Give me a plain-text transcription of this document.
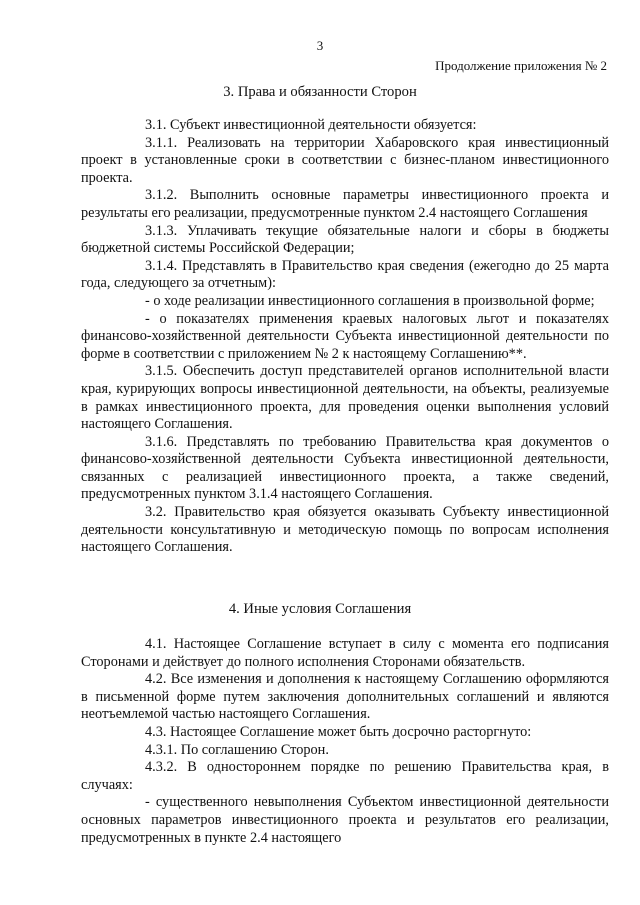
3
Продолжение приложения № 2
3. Права и обязанности Сторон

3.1. Субъект инвестиционной деятельности обязуется:

3.1.1. Реализовать на территории Хабаровского края инвестиционный проект в установленные сроки в соответствии с бизнес-планом инвестиционного проекта.

3.1.2. Выполнить основные параметры инвестиционного проекта и результаты его реализации, предусмотренные пунктом 2.4 настоящего Соглашения

3.1.3. Уплачивать текущие обязательные налоги и сборы в бюджеты бюджетной системы Российской Федерации;

3.1.4. Представлять в Правительство края сведения (ежегодно до 25 марта года, следующего за отчетным):

- о ходе реализации инвестиционного соглашения в произвольной форме;

- о показателях применения краевых налоговых льгот и показателях финансово-хозяйственной деятельности Субъекта инвестиционной деятельности по форме в соответствии с приложением № 2 к настоящему Соглашению**.

3.1.5. Обеспечить доступ представителей органов исполнительной власти края, курирующих вопросы инвестиционной деятельности, на объекты, реализуемые в рамках инвестиционного проекта, для проведения оценки выполнения условий настоящего Соглашения.

3.1.6. Представлять по требованию Правительства края документов о финансово-хозяйственной деятельности Субъекта инвестиционной деятельности, связанных с реализацией инвестиционного проекта, а также сведений, предусмотренных пунктом 3.1.4 настоящего Соглашения.

3.2. Правительство края обязуется оказывать Субъекту инвестиционной деятельности консультативную и методическую помощь по вопросам исполнения настоящего Соглашения.

4. Иные условия Соглашения

4.1. Настоящее Соглашение вступает в силу с момента его подписания Сторонами и действует до полного исполнения Сторонами обязательств.

4.2. Все изменения и дополнения к настоящему Соглашению оформляются в письменной форме путем заключения дополнительных соглашений и являются неотъемлемой частью настоящего Соглашения.

4.3. Настоящее Соглашение может быть досрочно расторгнуто:

4.3.1. По соглашению Сторон.

4.3.2. В одностороннем порядке по решению Правительства края, в случаях:

- существенного невыполнения Субъектом инвестиционной деятельности основных параметров инвестиционного проекта и результатов его реализации, предусмотренных в пункте 2.4 настоящего
